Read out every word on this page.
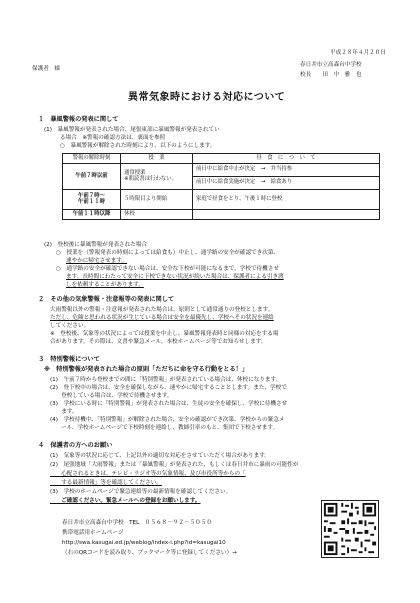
平成２８年４月２０日
保護者　様
春日井市立高森台中学校
校長　　田　中　雅　也
異常気象時における対応について
１　暴風警報の発表に関して
(1)　暴風警報が発表された場合、尾張東部に暴風警報が発表されてい
る場合　※警報の確認方法は、裏面を参照
○　暴風警報が解除された時刻により、以下のようにします。
警報の解除時刻	授　業	昼　食　に　つ　い　て
午前７時以前	通常授業
※朝読書は行わない。	前日中に給食中止が決定　→　弁当持参
		前日中に給食実施が決定　→　給食あり
午前７時～
午前１１時	５時限目より開始	家庭で昼食をとり、午後１時に登校
午前１１時以降	休校	
(2)　登校後に暴風警報が発表された場合
○　授業を（警報発表の時刻によっては給食も）中止し、通学路の安全が確認でき次第、
速やかに帰宅させます。
○　通学路の安全が確認できない場合は、安全な下校が可能になるまで、学校で待機させ
ます。長時間にわたって安全に下校できない状況が続いた場合は、保護者による引き渡
しを依頼することがあります。
２　その他の気象警報・注意報等の発表に関して
大雨警報以外の警報・注意報が発表された場合は、原則として通常通りの登校とします。
ただし、危険と思われる状況が生じている場合は安全を最優先し、学校へその状況を連絡
してください。
※　登校後、気象等の状況によっては授業を中止し、暴風警報発表時と同様の対応をする場
合があります。その際は、文書や緊急メール、本校ホームページ等でお知らせします。
３　特別警報について
※　特別警報が発表された場合の原則「ただちに命を守る行動をとる！」
(1)　午前７時から登校までの間に「特別警報」が発表されている場合は、休校になります。
(2)　登下校中の場合は、安全を確保しながら、速やかに帰宅することとします。また、学校で
　　登校している場合は、学校で待機させます。
(3)　学校にいる時に「特別警報」が発表された場合は、生徒の安全を確保し、学校に待機させ
　　ます。
(4)　学校待機中、「特別警報」が解除された場合、安全の確認ができ次第、学校からの緊急メ
　　ール、学校ホームページで下校時刻を連絡し、教師引率のもと、集団で下校させます。
４　保護者の方へのお願い
(1)　気象等の状況に応じて、上記以外の適切な対応をさせていただく場合があります。
(2)　尾張地域「大雨警報」または「暴風警報」が発表された、もしくは春日井市に暴雨の可能性が
　　心配されるときは、テレビ・ラジオ等の気象情報、及び市役所等からの「
　　する最新情報」等を確認してください。
(3)　学校のホームページで緊急連絡等の最新情報を確認してください。
　　ご確認ください。緊急メールへの登録をお願いします。
春日井市立高森台中学校　TEL　０５６８－９２－５０５０
携帯電話用ホームページ
http://swa.kasugai.ed.jp/weblog/index-i.php?id=kasugai10
（右のQRコードを読み取り、ブックマーク等に登録してください）→
